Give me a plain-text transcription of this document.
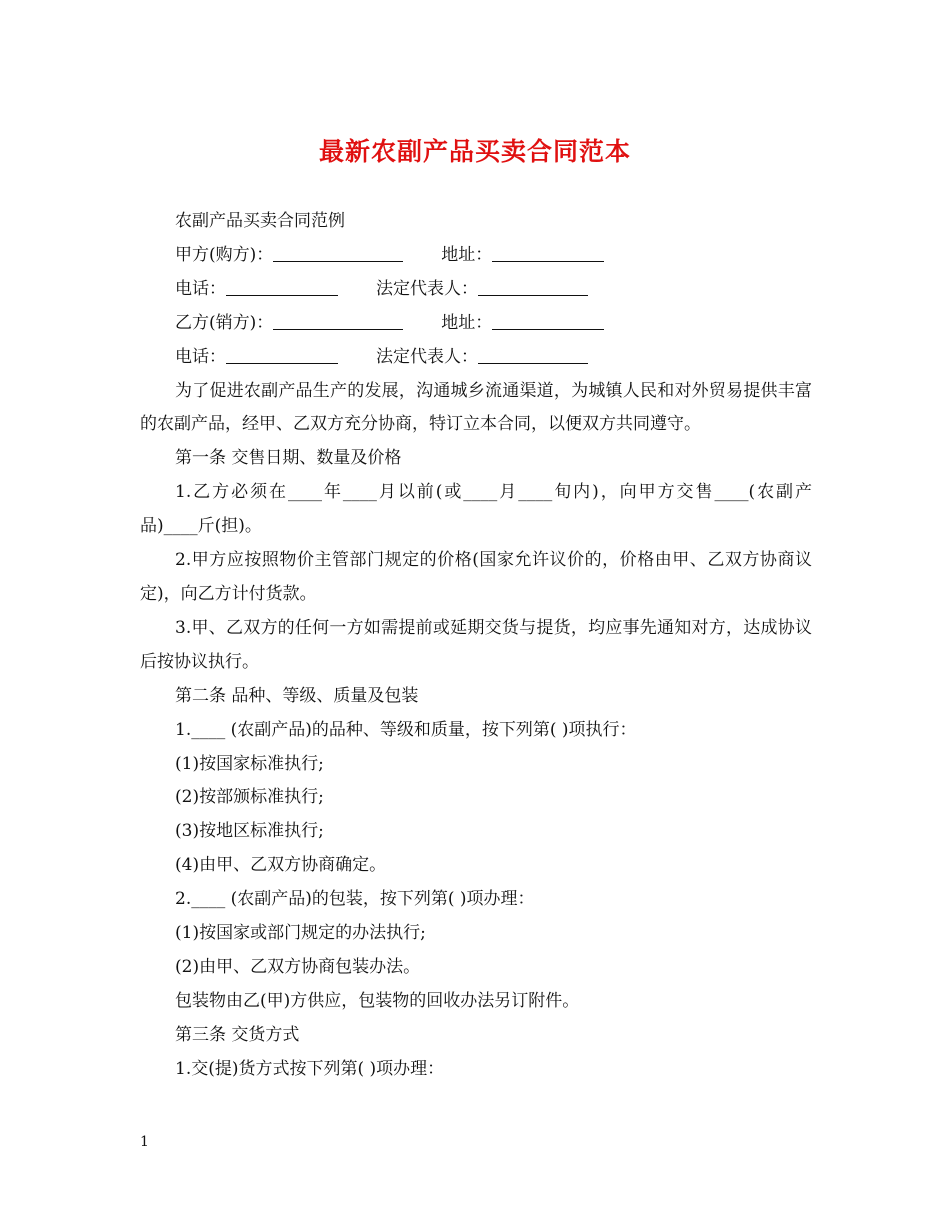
最新农副产品买卖合同范本

农副产品买卖合同范例

甲方(购方)：	地址：

电话：	法定代表人：

乙方(销方)：	地址：

电话：	法定代表人：

为了促进农副产品生产的发展，沟通城乡流通渠道，为城镇人民和对外贸易提供丰富的农副产品，经甲、乙双方充分协商，特订立本合同，以便双方共同遵守。

第一条 交售日期、数量及价格

1.乙方必须在____年____月以前(或____月____旬内)，向甲方交售____(农副产品)____斤(担)。

2.甲方应按照物价主管部门规定的价格(国家允许议价的，价格由甲、乙双方协商议定)，向乙方计付货款。

3.甲、乙双方的任何一方如需提前或延期交货与提货，均应事先通知对方，达成协议后按协议执行。

第二条 品种、等级、质量及包装

1.____ (农副产品)的品种、等级和质量，按下列第( )项执行：

(1)按国家标准执行;

(2)按部颁标准执行;

(3)按地区标准执行;

(4)由甲、乙双方协商确定。

2.____ (农副产品)的包装，按下列第( )项办理：

(1)按国家或部门规定的办法执行;

(2)由甲、乙双方协商包装办法。

包装物由乙(甲)方供应，包装物的回收办法另订附件。

第三条 交货方式

1.交(提)货方式按下列第( )项办理：

1
